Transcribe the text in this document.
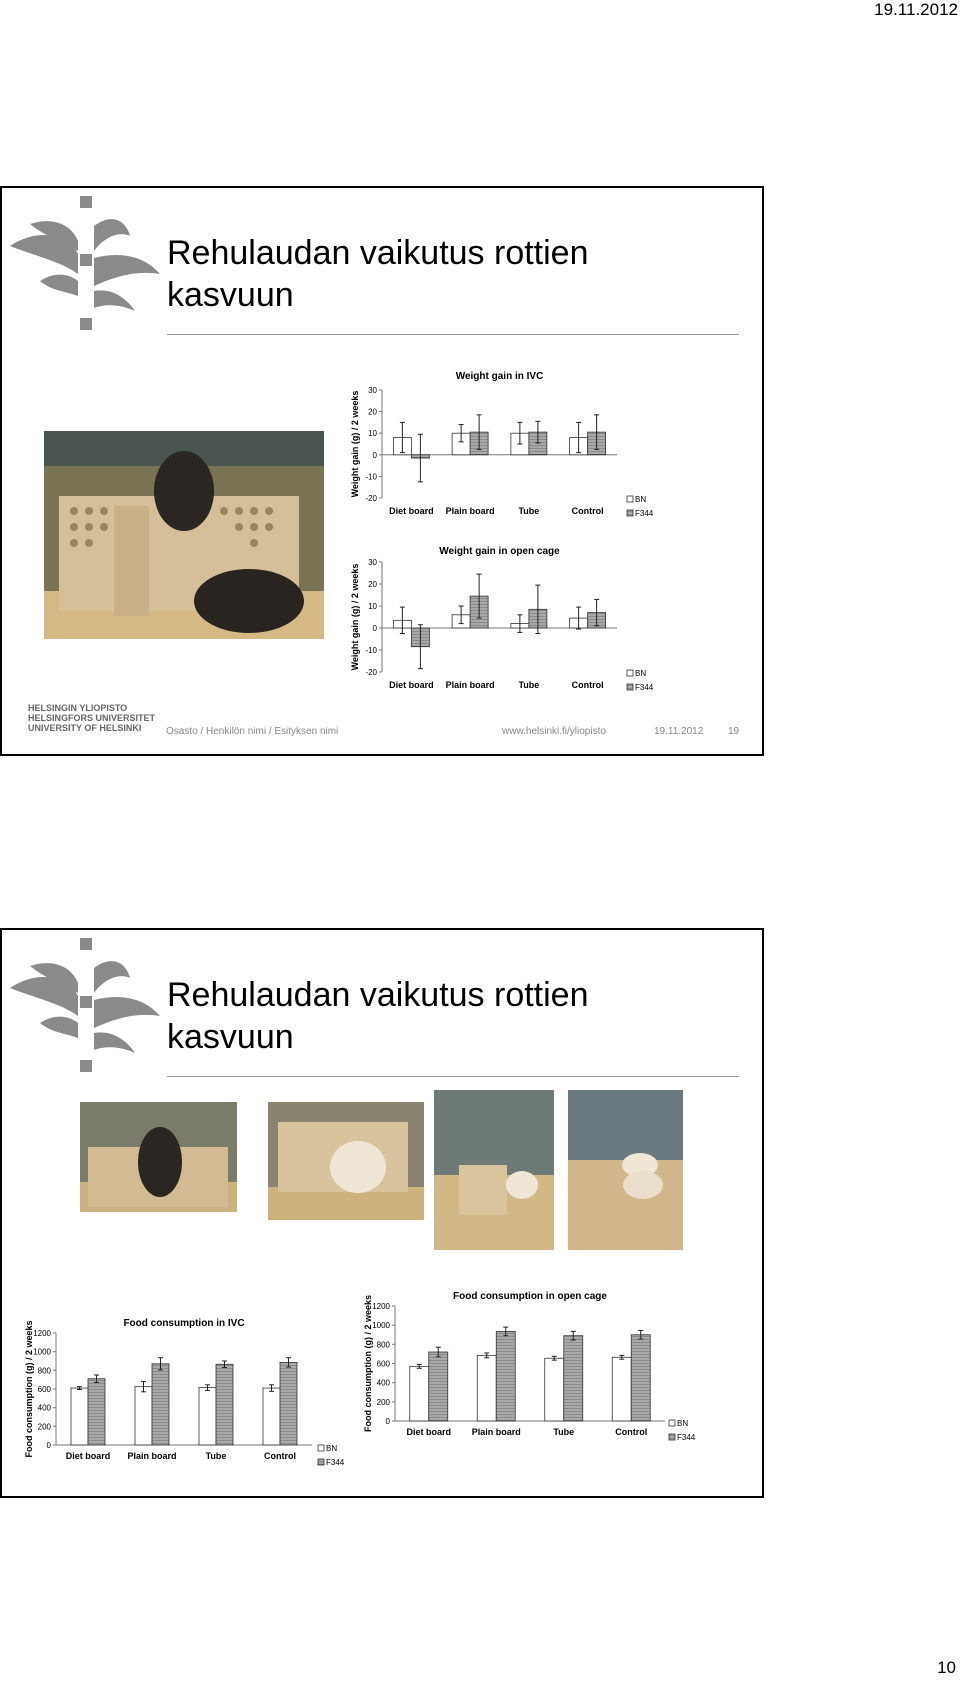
19.11.2012
Rehulaudan vaikutus rottien
kasvuun
Weight gain in IVC
Weight gain (g) / 2 weeks
30
20
10
0
-10
-20
Diet board Plain board	Tube	Control
BN
F344
Weight gain in open cage
Weight gain (g) / 2 weeks
30
20
10
0
-10
-20
Diet board Plain board	Tube	Control
BN
F344
HELSINGIN YLIOPISTO
HELSINGFORS UNIVERSITET
UNIVERSITY OF HELSINKI	Osasto / Henkilön nimi / Esityksen nimi	www.helsinki.fi/yliopisto	19.11.2012 19
Rehulaudan vaikutus rottien
kasvuun
Food consumption in IVC
Food consumption (g) / 2 weeks 1200
1000
800
600
400
200
0
Diet board Plain board	Tube	Control
BN
F344
Food consumption in open cage
Food consumption (g) / 2 weeks 1200
1000
800
600
400
200
0
Diet board Plain board	Tube	Control
BN
F344
10
